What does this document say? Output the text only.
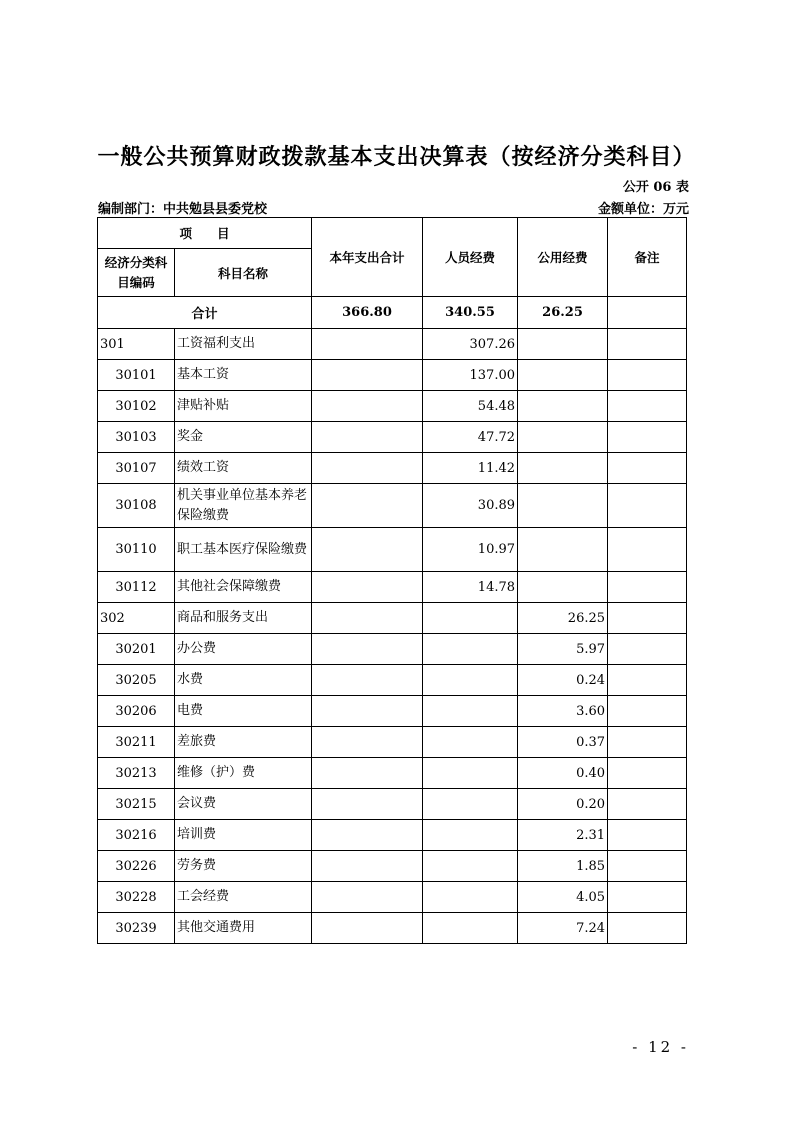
一般公共预算财政拨款基本支出决算表（按经济分类科目）
公开 06 表
编制部门：中共勉县县委党校	金额单位：万元
项　　目		本年支出合计	人员经费	公用经费	备注
经济分类科目编码	科目名称				
合计		366.80	340.55	26.25	
301	工资福利支出		307.26		
30101	基本工资		137.00		
30102	津贴补贴		54.48		
30103	奖金		47.72		
30107	绩效工资		11.42		
30108	机关事业单位基本养老保险缴费		30.89		
30110	职工基本医疗保险缴费		10.97		
30112	其他社会保障缴费		14.78		
302	商品和服务支出			26.25	
30201	办公费			5.97	
30205	水费			0.24	
30206	电费			3.60	
30211	差旅费			0.37	
30213	维修（护）费			0.40	
30215	会议费			0.20	
30216	培训费			2.31	
30226	劳务费			1.85	
30228	工会经费			4.05	
30239	其他交通费用			7.24	
- 12 -
